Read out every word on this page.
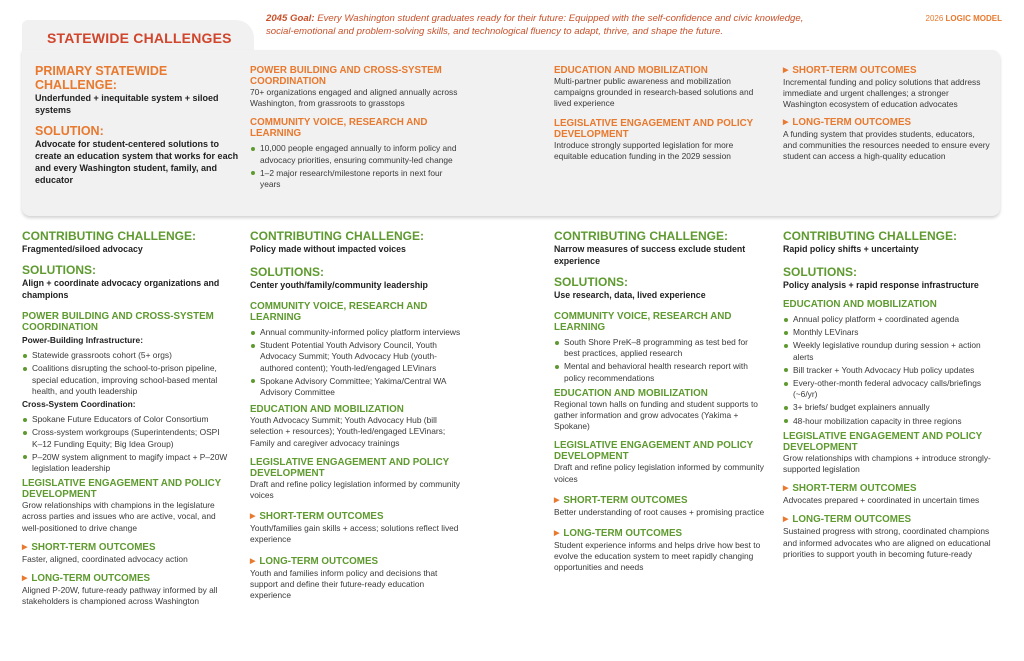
2045 Goal: Every Washington student graduates ready for their future: Equipped with the self-confidence and civic knowledge, social-emotional and problem-solving skills, and technological fluency to adapt, thrive, and shape the future.
2026 LOGIC MODEL
STATEWIDE CHALLENGES
PRIMARY STATEWIDE CHALLENGE:
Underfunded + inequitable system + siloed systems
SOLUTION:
Advocate for student-centered solutions to create an education system that works for each and every Washington student, family, and educator
POWER BUILDING AND CROSS-SYSTEM COORDINATION
70+ organizations engaged and aligned annually across Washington, from grassroots to grasstops
COMMUNITY VOICE, RESEARCH AND LEARNING
10,000 people engaged annually to inform policy and advocacy priorities, ensuring community-led change
1–2 major research/milestone reports in next four years
EDUCATION AND MOBILIZATION
Multi-partner public awareness and mobilization campaigns grounded in research-based solutions and lived experience
LEGISLATIVE ENGAGEMENT AND POLICY DEVELOPMENT
Introduce strongly supported legislation for more equitable education funding in the 2029 session
▶ SHORT-TERM OUTCOMES
Incremental funding and policy solutions that address immediate and urgent challenges; a stronger Washington ecosystem of education advocates
▶ LONG-TERM OUTCOMES
A funding system that provides students, educators, and communities the resources needed to ensure every student can access a high-quality education
CONTRIBUTING CHALLENGE:
Fragmented/siloed advocacy
SOLUTIONS:
Align + coordinate advocacy organizations and champions
POWER BUILDING AND CROSS-SYSTEM COORDINATION
Power-Building Infrastructure:
Statewide grassroots cohort (5+ orgs)
Coalitions disrupting the school-to-prison pipeline, special education, improving school-based mental health, and youth leadership
Cross-System Coordination:
Spokane Future Educators of Color Consortium
Cross-system workgroups (Superintendents; OSPI K–12 Funding Equity; Big Idea Group)
P–20W system alignment to magify impact + P–20W legislation leadership
LEGISLATIVE ENGAGEMENT AND POLICY DEVELOPMENT
Grow relationships with champions in the legislature across parties and issues who are active, vocal, and well-positioned to drive change
▶ SHORT-TERM OUTCOMES
Faster, aligned, coordinated advocacy action
▶ LONG-TERM OUTCOMES
Aligned P-20W, future-ready pathway informed by all stakeholders is championed across Washington
CONTRIBUTING CHALLENGE:
Policy made without impacted voices
SOLUTIONS:
Center youth/family/community leadership
COMMUNITY VOICE, RESEARCH AND LEARNING
Annual community-informed policy platform interviews
Student Potential Youth Advisory Council, Youth Advocacy Summit; Youth Advocacy Hub (youth-authored content); Youth-led/engaged LEVinars
Spokane Advisory Committee; Yakima/Central WA Advisory Committee
EDUCATION AND MOBILIZATION
Youth Advocacy Summit; Youth Advocacy Hub (bill selection + resources); Youth-led/engaged LEVinars; Family and caregiver advocacy trainings
LEGISLATIVE ENGAGEMENT AND POLICY DEVELOPMENT
Draft and refine policy legislation informed by community voices
▶ SHORT-TERM OUTCOMES
Youth/families gain skills + access; solutions reflect lived experience
▶ LONG-TERM OUTCOMES
Youth and families inform policy and decisions that support and define their future-ready education experience
CONTRIBUTING CHALLENGE:
Narrow measures of success exclude student experience
SOLUTIONS:
Use research, data, lived experience
COMMUNITY VOICE, RESEARCH AND LEARNING
South Shore PreK–8 programming as test bed for best practices, applied research
Mental and behavioral health research report with policy recommendations
EDUCATION AND MOBILIZATION
Regional town halls on funding and student supports to gather information and grow advocates (Yakima + Spokane)
LEGISLATIVE ENGAGEMENT AND POLICY DEVELOPMENT
Draft and refine policy legislation informed by community voices
▶ SHORT-TERM OUTCOMES
Better understanding of root causes + promising practice
▶ LONG-TERM OUTCOMES
Student experience informs and helps drive how best to evolve the education system to meet rapidly changing opportunities and needs
CONTRIBUTING CHALLENGE:
Rapid policy shifts + uncertainty
SOLUTIONS:
Policy analysis + rapid response infrastructure
EDUCATION AND MOBILIZATION
Annual policy platform + coordinated agenda
Monthly LEVinars
Weekly legislative roundup during session + action alerts
Bill tracker + Youth Advocacy Hub policy updates
Every-other-month federal advocacy calls/briefings (~6/yr)
3+ briefs/ budget explainers annually
48-hour mobilization capacity in three regions
LEGISLATIVE ENGAGEMENT AND POLICY DEVELOPMENT
Grow relationships with champions + introduce strongly-supported legislation
▶ SHORT-TERM OUTCOMES
Advocates prepared + coordinated in uncertain times
▶ LONG-TERM OUTCOMES
Sustained progress with strong, coordinated champions and informed advocates who are aligned on educational priorities to support youth in becoming future-ready
